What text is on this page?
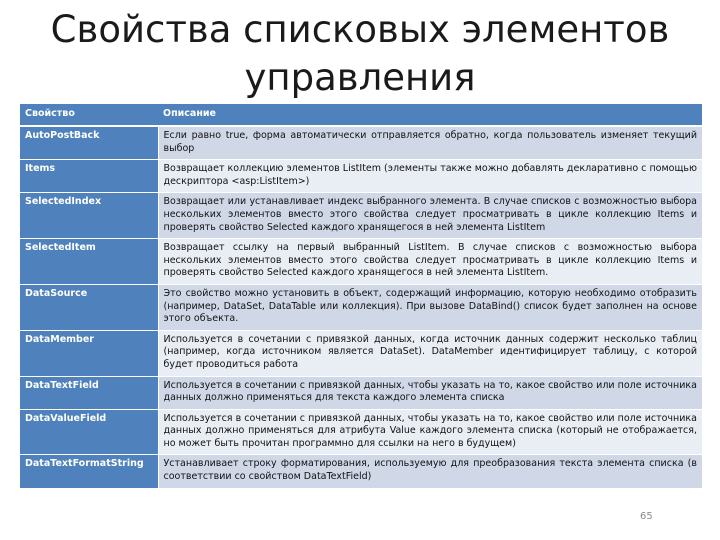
Свойства списковых элементов
управления
Свойство	Описание
AutoPostBack	Если равно true, форма автоматически отправляется обратно, когда пользователь изменяет текущий выбор
Items	Возвращает коллекцию элементов ListItem (элементы также можно добавлять декларативно с помощью дескриптора <asp:ListItem>)
SelectedIndex	Возвращает или устанавливает индекс выбранного элемента. В случае списков с возможностью выбора нескольких элементов вместо этого свойства следует просматривать в цикле коллекцию Items и проверять свойство Selected каждого хранящегося в ней элемента ListItem
SelectedItem	Возвращает ссылку на первый выбранный ListItem. В случае списков с возможностью выбора нескольких элементов вместо этого свойства следует просматривать в цикле коллекцию Items и проверять свойство Selected каждого хранящегося в ней элемента ListItem.
DataSource	Это свойство можно установить в объект, содержащий информацию, которую необходимо отобразить (например, DataSet, DataTable или коллекция). При вызове DataBind() список будет заполнен на основе этого объекта.
DataMember	Используется в сочетании с привязкой данных, когда источник данных содержит несколько таблиц (например, когда источником является DataSet). DataMember идентифицирует таблицу, с которой будет проводиться работа
DataTextField	Используется в сочетании с привязкой данных, чтобы указать на то, какое свойство или поле источника данных должно применяться для текста каждого элемента списка
DataValueField	Используется в сочетании с привязкой данных, чтобы указать на то, какое свойство или поле источника данных должно применяться для атрибута Value каждого элемента списка (который не отображается, но может быть прочитан программно для ссылки на него в будущем)
DataTextFormatString	Устанавливает строку форматирования, используемую для преобразования текста элемента списка (в соответствии со свойством DataTextField)
65
